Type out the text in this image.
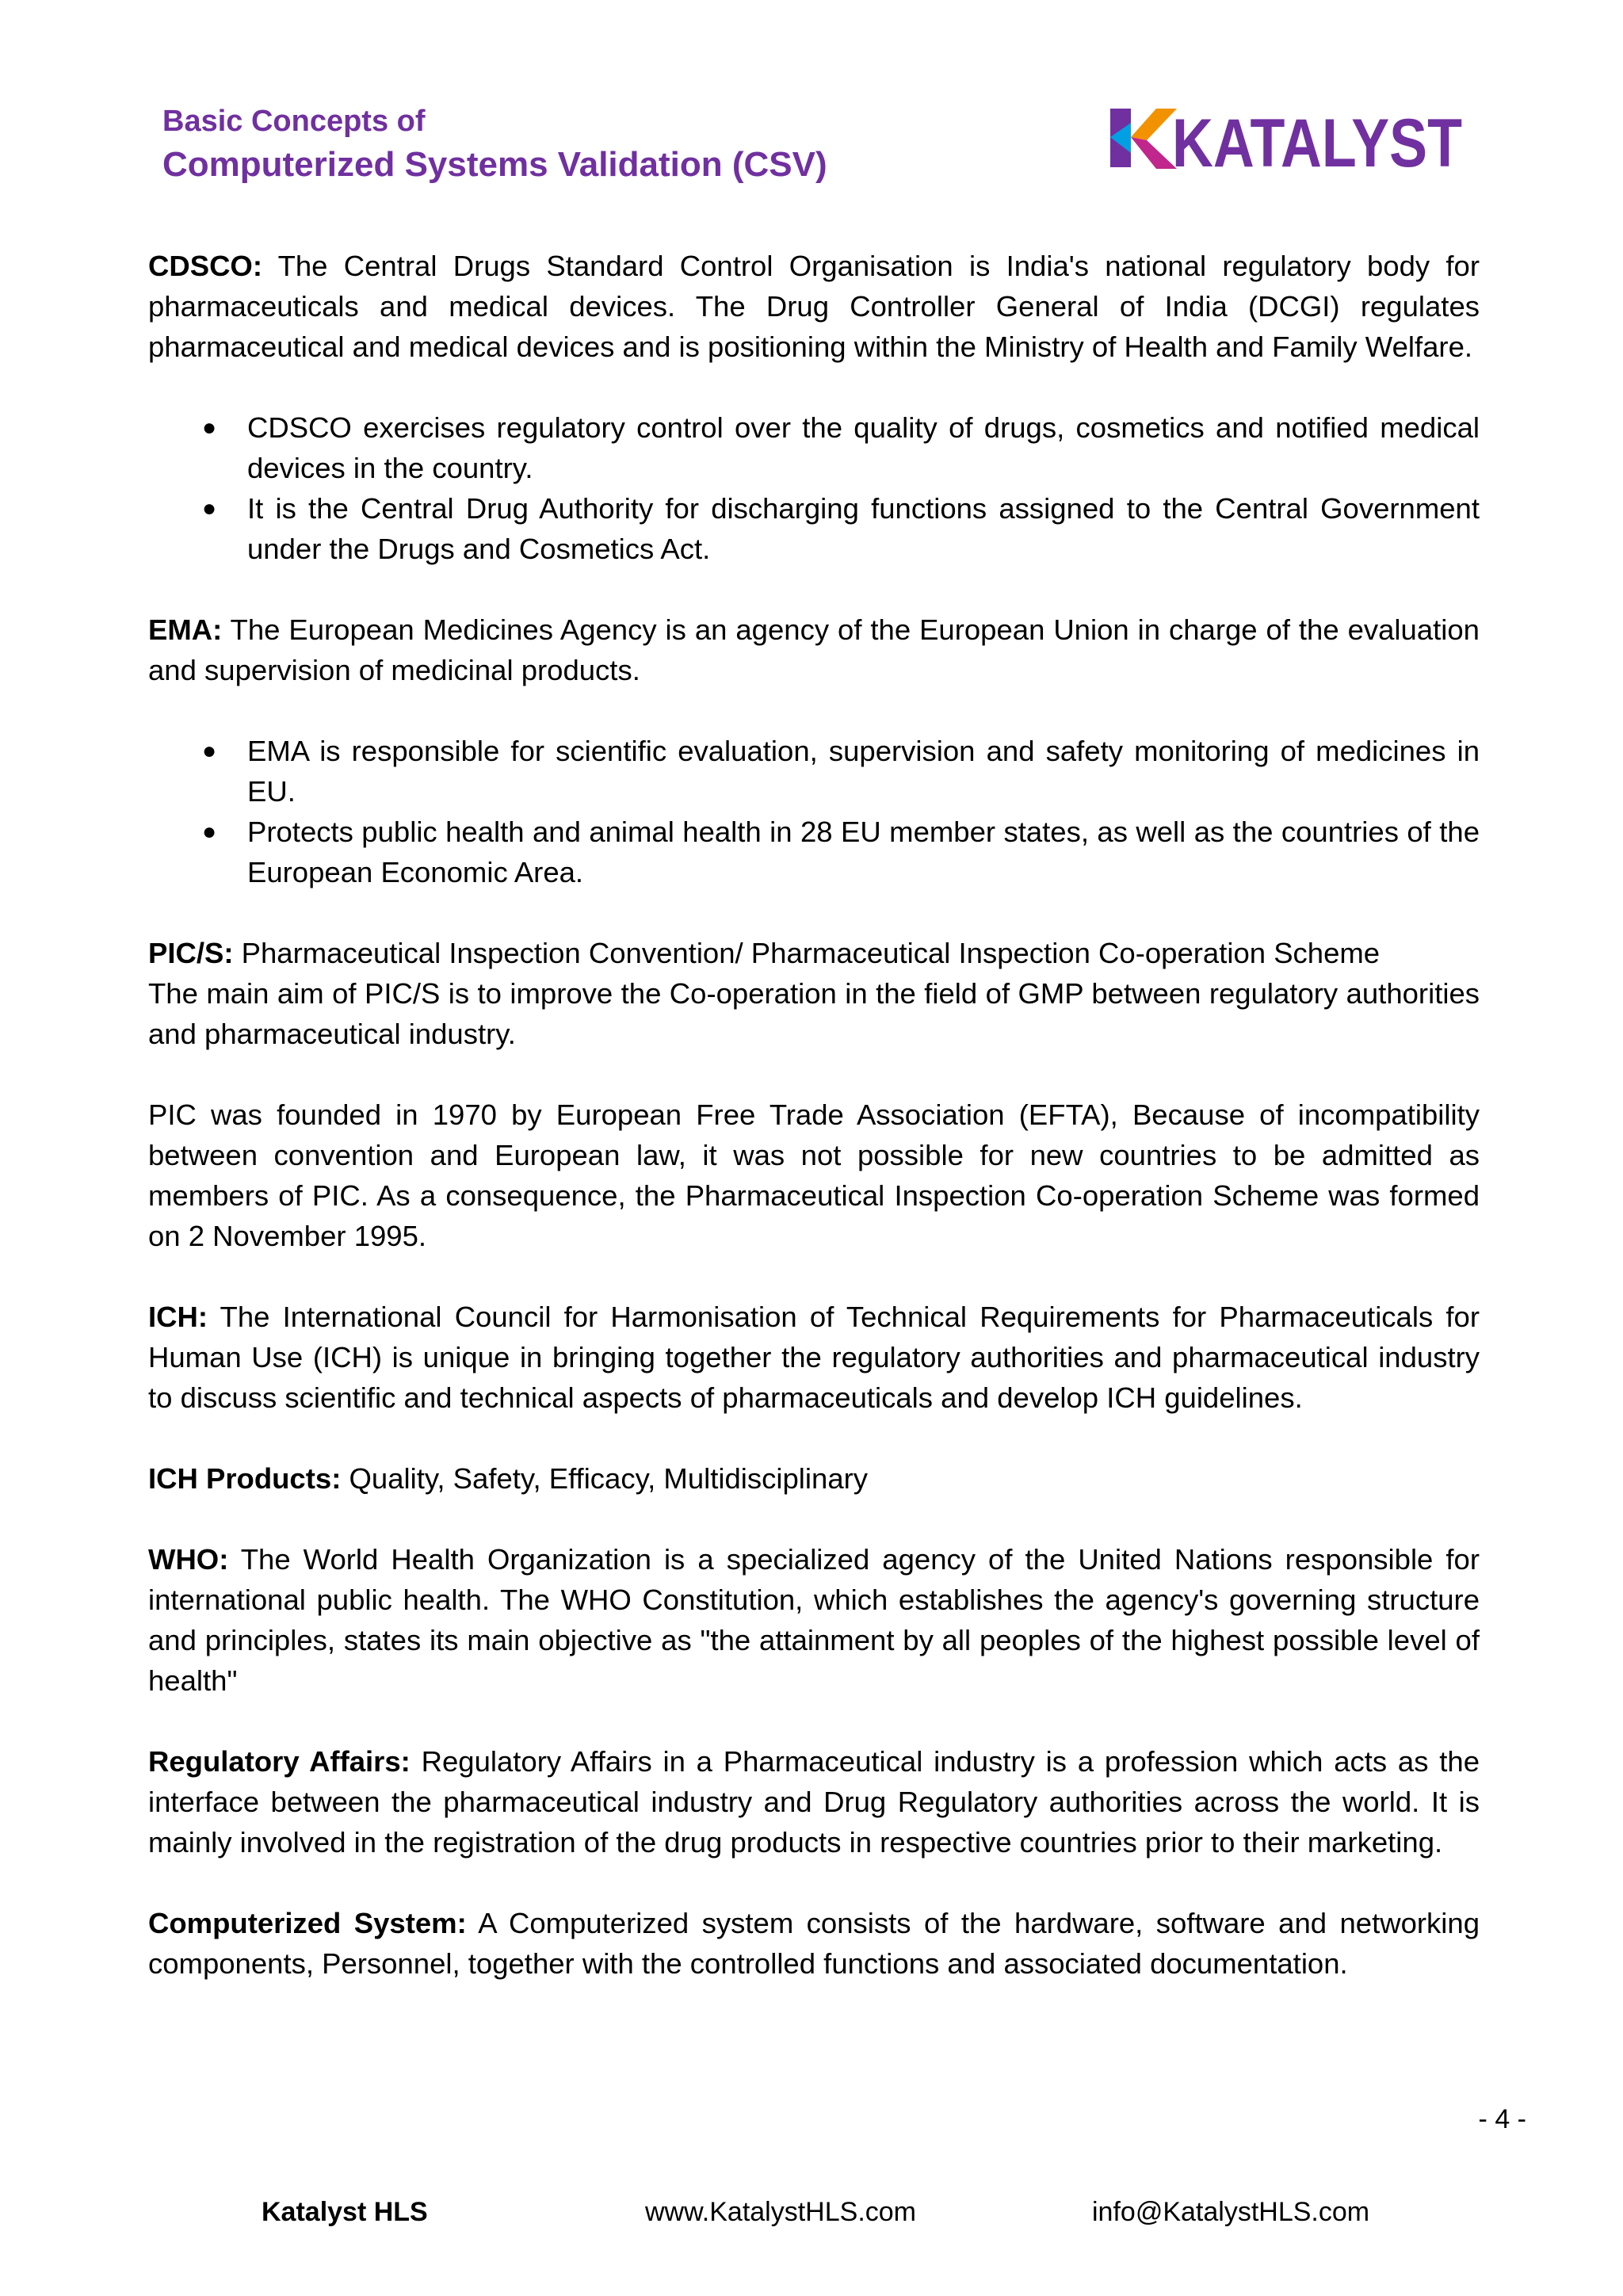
Basic Concepts of
Computerized Systems Validation (CSV)	KATALYST

CDSCO: The Central Drugs Standard Control Organisation is India's national regulatory body for pharmaceuticals and medical devices. The Drug Controller General of India (DCGI) regulates pharmaceutical and medical devices and is positioning within the Ministry of Health and Family Welfare.

● CDSCO exercises regulatory control over the quality of drugs, cosmetics and notified medical devices in the country.
● It is the Central Drug Authority for discharging functions assigned to the Central Government under the Drugs and Cosmetics Act.

EMA: The European Medicines Agency is an agency of the European Union in charge of the evaluation and supervision of medicinal products.

● EMA is responsible for scientific evaluation, supervision and safety monitoring of medicines in EU.
● Protects public health and animal health in 28 EU member states, as well as the countries of the European Economic Area.

PIC/S: Pharmaceutical Inspection Convention/ Pharmaceutical Inspection Co-operation Scheme

The main aim of PIC/S is to improve the Co-operation in the field of GMP between regulatory authorities and pharmaceutical industry.

PIC was founded in 1970 by European Free Trade Association (EFTA), Because of incompatibility between convention and European law, it was not possible for new countries to be admitted as members of PIC. As a consequence, the Pharmaceutical Inspection Co-operation Scheme was formed on 2 November 1995.

ICH: The International Council for Harmonisation of Technical Requirements for Pharmaceuticals for Human Use (ICH) is unique in bringing together the regulatory authorities and pharmaceutical industry to discuss scientific and technical aspects of pharmaceuticals and develop ICH guidelines.

ICH Products: Quality, Safety, Efficacy, Multidisciplinary

WHO: The World Health Organization is a specialized agency of the United Nations responsible for international public health. The WHO Constitution, which establishes the agency's governing structure and principles, states its main objective as "the attainment by all peoples of the highest possible level of health"

Regulatory Affairs: Regulatory Affairs in a Pharmaceutical industry is a profession which acts as the interface between the pharmaceutical industry and Drug Regulatory authorities across the world. It is mainly involved in the registration of the drug products in respective countries prior to their marketing.

Computerized System: A Computerized system consists of the hardware, software and networking components, Personnel, together with the controlled functions and associated documentation.

- 4 -
Katalyst HLS	www.KatalystHLS.com	info@KatalystHLS.com
